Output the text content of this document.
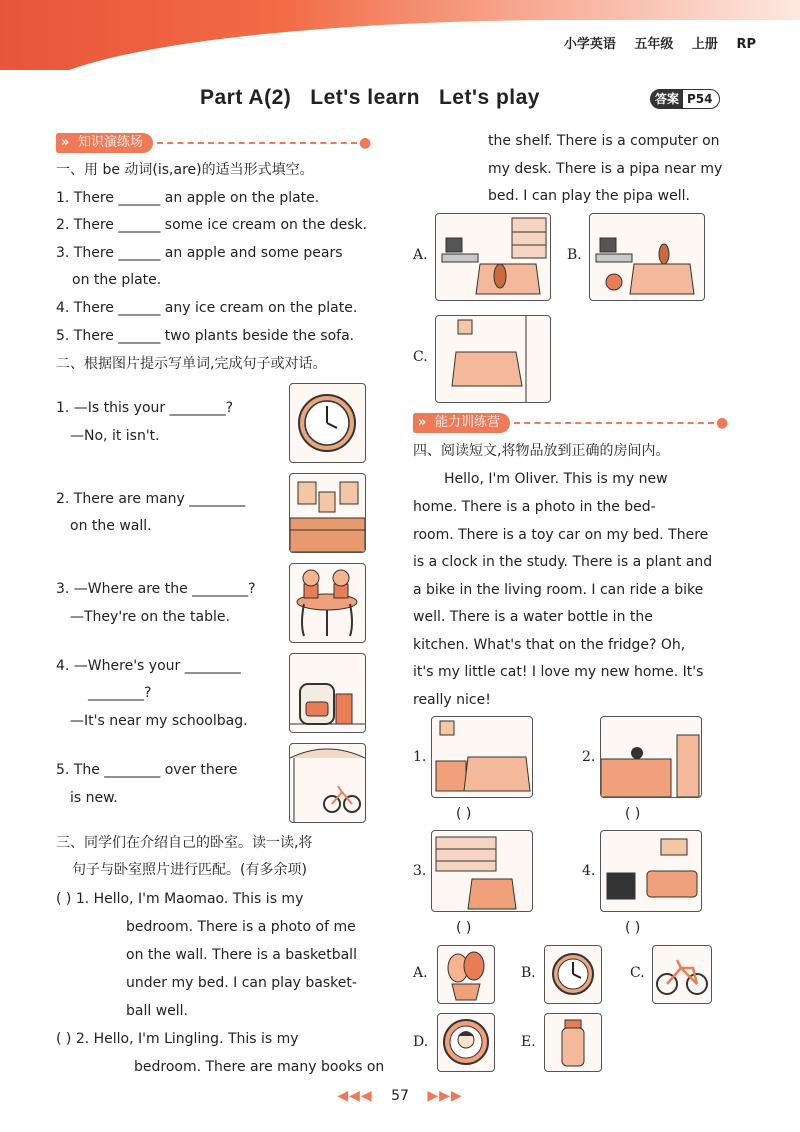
小学英语 五年级 上册 RP
Part A(2)   Let's learn   Let's play	答案 P54
» 知识演练场	●
一、用 be 动词(is,are)的适当形式填空。
1. There ______ an apple on the plate.
2. There ______ some ice cream on the desk.
3. There ______ an apple and some pears
on the plate.
4. There ______ any ice cream on the plate.
5. There ______ two plants beside the sofa.
二、根据图片提示写单词,完成句子或对话。
1. —Is this your ________?
—No, it isn't.
2. There are many ________
on the wall.
3. —Where are the ________?
—They're on the table.
4. —Where's your ________
________?
—It's near my schoolbag.
5. The ________ over there
is new.
三、同学们在介绍自己的卧室。读一读,将
句子与卧室照片进行匹配。(有多余项)
( ) 1. Hello, I'm Maomao. This is my
bedroom. There is a photo of me
on the wall. There is a basketball
under my bed. I can play basket-
ball well.
( ) 2. Hello, I'm Lingling. This is my
bedroom. There are many books on
the shelf. There is a computer on
my desk. There is a pipa near my
bed. I can play the pipa well.
A.	B.
C.
» 能力训练营	●
四、阅读短文,将物品放到正确的房间内。
Hello, I'm Oliver. This is my new
home. There is a photo in the bed-
room. There is a toy car on my bed. There
is a clock in the study. There is a plant and
a bike in the living room. I can ride a bike
well. There is a water bottle in the
kitchen. What's that on the fridge? Oh,
it's my little cat! I love my new home. It's
really nice!
1.
( )
2.
( )
3.
( )
4.
( )
A.	B.	C.
D.	E.
◀◀◀ 57 ▶▶▶
